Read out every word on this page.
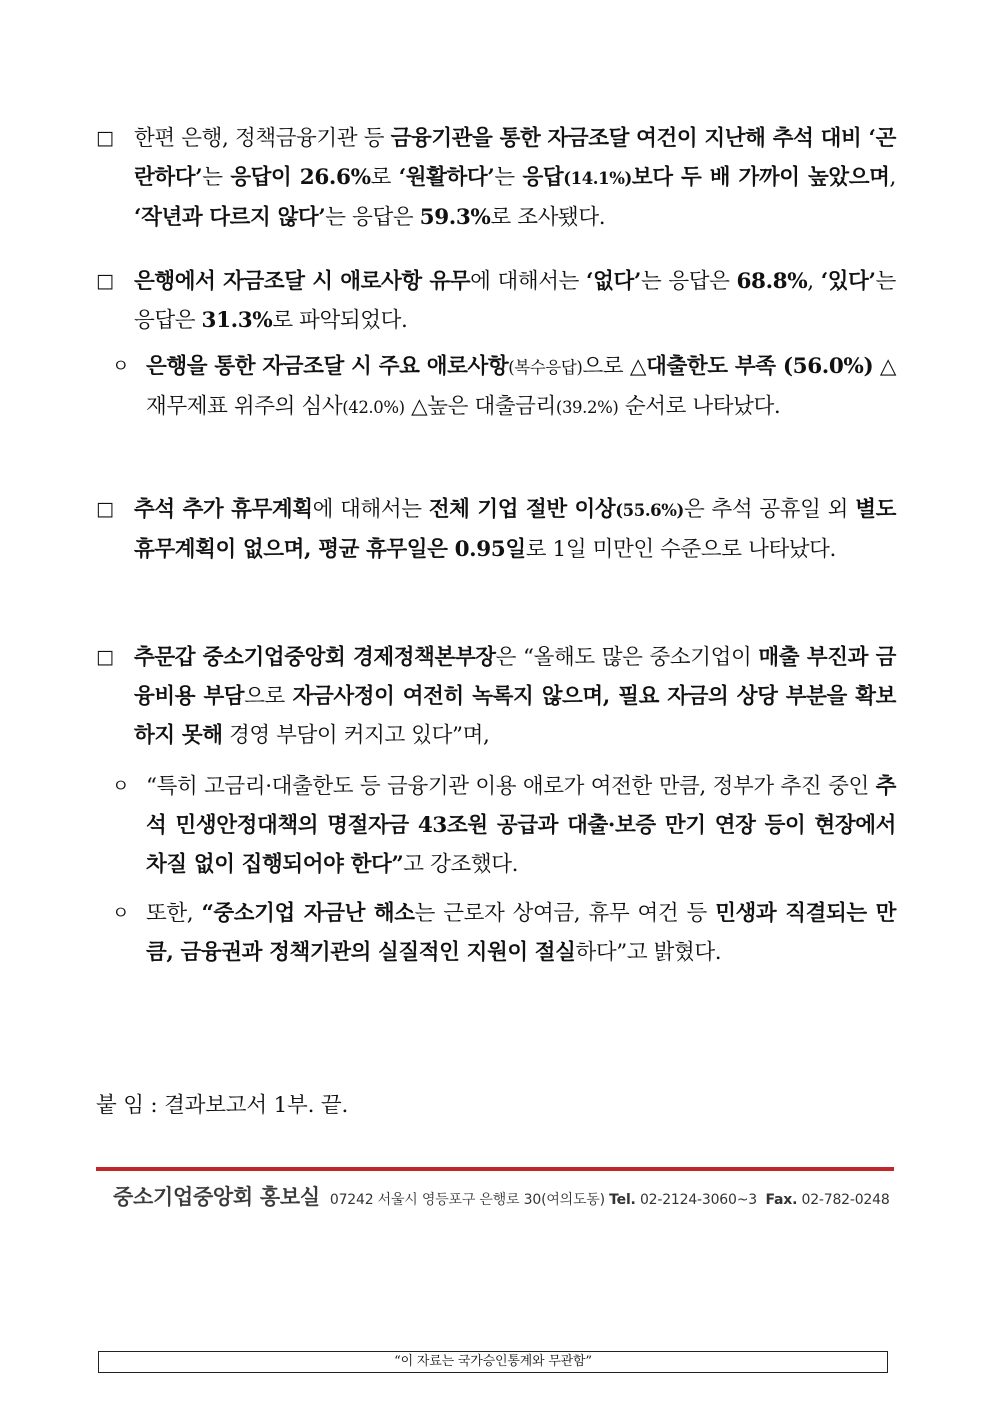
□ 한편 은행, 정책금융기관 등 금융기관을 통한 자금조달 여건이 지난해 추석 대비 ‘곤란하다’는 응답이 26.6%로 ‘원활하다’는 응답(14.1%)보다 두 배 가까이 높았으며, ‘작년과 다르지 않다’는 응답은 59.3%로 조사됐다.
□ 은행에서 자금조달 시 애로사항 유무에 대해서는 ‘없다’는 응답은 68.8%, ‘있다’는 응답은 31.3%로 파악되었다.
ㅇ 은행을 통한 자금조달 시 주요 애로사항(복수응답)으로 △대출한도 부족 (56.0%) △재무제표 위주의 심사(42.0%) △높은 대출금리(39.2%) 순서로 나타났다.
□ 추석 추가 휴무계획에 대해서는 전체 기업 절반 이상(55.6%)은 추석 공휴일 외 별도 휴무계획이 없으며, 평균 휴무일은 0.95일로 1일 미만인 수준으로 나타났다.
□ 추문갑 중소기업중앙회 경제정책본부장은 “올해도 많은 중소기업이 매출 부진과 금융비용 부담으로 자금사정이 여전히 녹록지 않으며, 필요 자금의 상당 부분을 확보하지 못해 경영 부담이 커지고 있다”며,
ㅇ “특히 고금리·대출한도 등 금융기관 이용 애로가 여전한 만큼, 정부가 추진 중인 추석 민생안정대책의 명절자금 43조원 공급과 대출·보증 만기 연장 등이 현장에서 차질 없이 집행되어야 한다”고 강조했다.
ㅇ 또한, “중소기업 자금난 해소는 근로자 상여금, 휴무 여건 등 민생과 직결되는 만큼, 금융권과 정책기관의 실질적인 지원이 절실하다”고 밝혔다.
붙 임 : 결과보고서 1부. 끝.
중소기업중앙회 홍보실 07242 서울시 영등포구 은행로 30(여의도동) Tel. 02-2124-3060~3 Fax. 02-782-0248
“이 자료는 국가승인통계와 무관함”
